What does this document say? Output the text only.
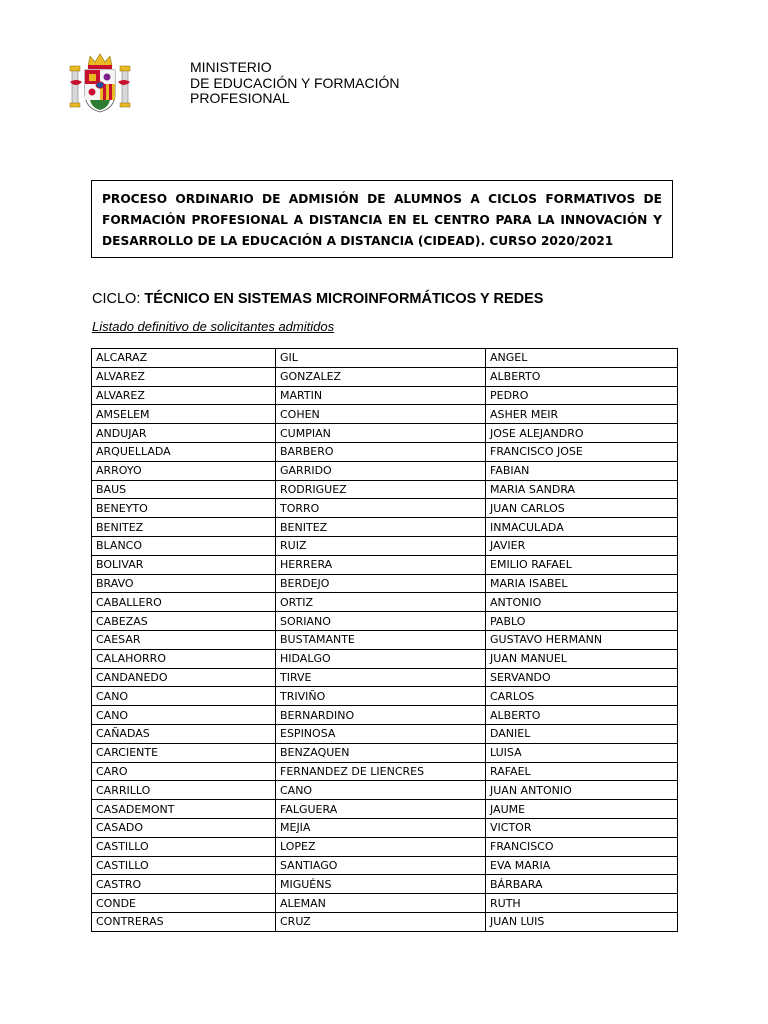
MINISTERIO
DE EDUCACIÓN Y FORMACIÓN
PROFESIONAL
PROCESO ORDINARIO DE ADMISIÓN DE ALUMNOS A CICLOS FORMATIVOS DE FORMACIÓN PROFESIONAL A DISTANCIA EN EL CENTRO PARA LA INNOVACIÓN Y DESARROLLO DE LA EDUCACIÓN A DISTANCIA (CIDEAD). CURSO 2020/2021
CICLO: TÉCNICO EN SISTEMAS MICROINFORMÁTICOS Y REDES
Listado definitivo de solicitantes admitidos
ALCARAZ	GIL	ANGEL
ALVAREZ	GONZALEZ	ALBERTO
ALVAREZ	MARTIN	PEDRO
AMSELEM	COHEN	ASHER MEIR
ANDUJAR	CUMPIAN	JOSE ALEJANDRO
ARQUELLADA	BARBERO	FRANCISCO JOSE
ARROYO	GARRIDO	FABIAN
BAUS	RODRIGUEZ	MARIA SANDRA
BENEYTO	TORRO	JUAN CARLOS
BENITEZ	BENITEZ	INMACULADA
BLANCO	RUIZ	JAVIER
BOLIVAR	HERRERA	EMILIO RAFAEL
BRAVO	BERDEJO	MARIA ISABEL
CABALLERO	ORTIZ	ANTONIO
CABEZAS	SORIANO	PABLO
CAESAR	BUSTAMANTE	GUSTAVO HERMANN
CALAHORRO	HIDALGO	JUAN MANUEL
CANDANEDO	TIRVE	SERVANDO
CANO	TRIVIÑO	CARLOS
CANO	BERNARDINO	ALBERTO
CAÑADAS	ESPINOSA	DANIEL
CARCIENTE	BENZAQUEN	LUISA
CARO	FERNANDEZ DE LIENCRES	RAFAEL
CARRILLO	CANO	JUAN ANTONIO
CASADEMONT	FALGUERA	JAUME
CASADO	MEJIA	VICTOR
CASTILLO	LOPEZ	FRANCISCO
CASTILLO	SANTIAGO	EVA MARIA
CASTRO	MIGUÉNS	BÁRBARA
CONDE	ALEMAN	RUTH
CONTRERAS	CRUZ	JUAN LUIS
